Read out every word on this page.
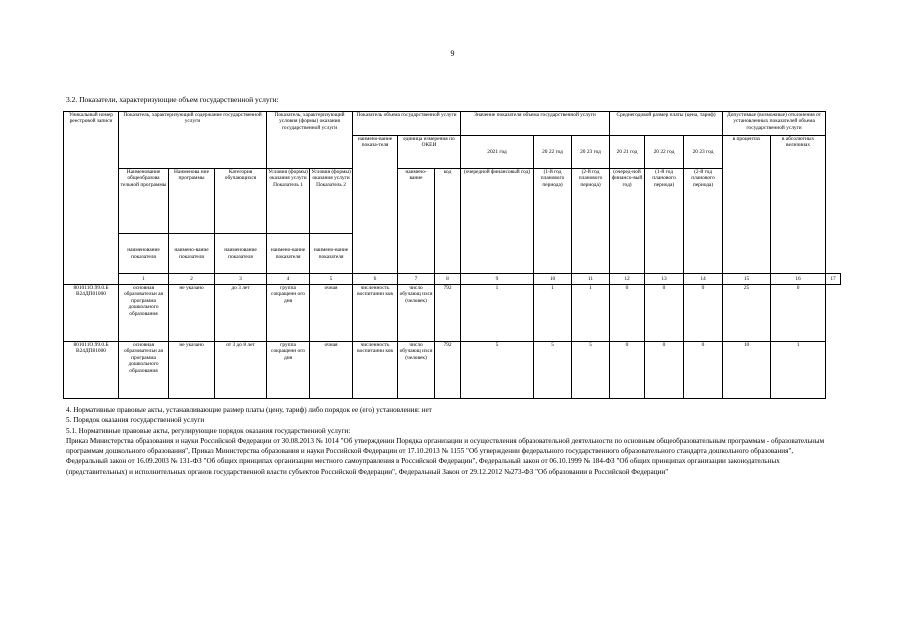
9
3.2. Показатели, характеризующие объем государственной услуги:
Уникальный номер реестровой записи	Показатель, характеризующий содержание государственной услуги			Показатель, характеризующий условия (формы) оказания государственной услуги		Показатель объема государственной услуги			Значение показателя объема государственной услуги			Среднегодовой размер платы (цена, тариф)			Допустимые (возможные) отклонения от установленных показателей объема государственной услуги		
						наимено-вание показа-теля	единица измерения по ОКЕИ		2021 год	20 22 год	20 23 год	20 21 год	20 22 год	20 23 год	в процентах	в абсолютных величинах	
	Наименование общеобразова тельной программы	Наименова ние программы	Категория обучающихся	Условия (формы) оказания услуги Показатель 1	Условия (формы) оказания услуги Показатель 2		наимено-вание	код	(очередной финансовый год)	(1-й год планового периода)	(2-й год планового периода)	(очеред-ной финансо-вый год)	(1-й год планового периода)	(2-й год планового периода)			
	наименование показателя	наимено-вание показателя	наименование показателя	наимено-вание показателя	наимено-вание показателя												
	1	2	3	4	5	6	7	8	9	10	11	12	13	14	15	16	17
801011О.99.0.Б В24ДП01000	основная образовательн ая программа дошкольного образования	не указано	до 3 лет	группа сокращенн ого дня	очная	численность воспитанни ков	число обучающ ихся (человек)	792	1	1	1	0	0	0	25	0	
801011О.99.0.Б В24ДП81000	основная образовательн ая программа дошкольного образования	не указано	от 3 до 8 лет	группа сокращенн ого дня	очная	численность воспитанни ков	число обучающ ихся (человек)	792	5	5	5	0	0	0	10	1	

4. Нормативные правовые акты, устанавливающие размер платы (цену, тариф) либо порядок ее (его) установления: нет

5. Порядок оказания государственной услуги

5.1. Нормативные правовые акты, регулирующие порядок оказания государственной услуги:

Приказ Министерства образования и науки Российской Федерации от 30.08.2013 № 1014 "Об утверждении Порядка организации и осуществления образовательной деятельности по основным общеобразовательным программам - образовательным программам дошкольного образования", Приказ Министерства образования и науки Российской Федерации от 17.10.2013 № 1155 "Об утверждении федерального государственного образовательного стандарта дошкольного образования", Федеральный закон от 16.09.2003 № 131-ФЗ "Об общих принципах организации местного самоуправления в Российской Федерации", Федеральный закон от 06.10.1999 № 184-ФЗ "Об общих принципах организации законодательных (представительных) и исполнительных органов государственной власти субъектов Российской Федерации", Федеральный Закон от 29.12.2012 №273-ФЗ "Об образовании в Российской Федерации"
